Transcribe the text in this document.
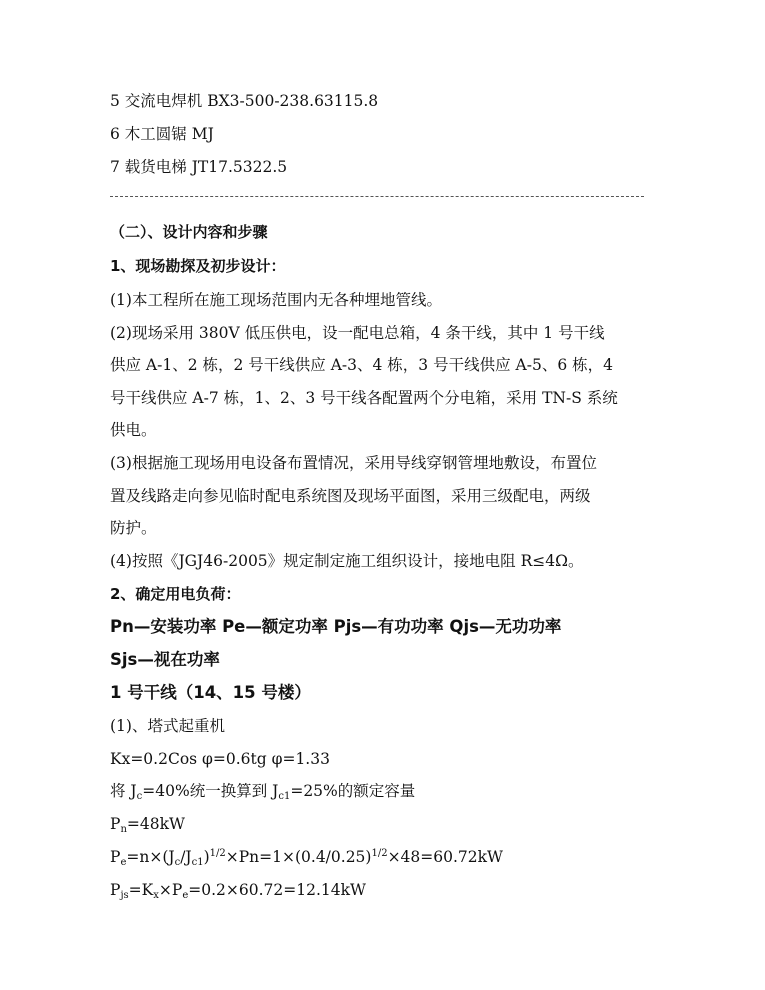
5 交流电焊机 BX3-500-238.63115.8
6 木工圆锯 MJ
7 载货电梯 JT17.5322.5
（二）、设计内容和步骤
1、现场勘探及初步设计：
(1)本工程所在施工现场范围内无各种埋地管线。
(2)现场采用 380V 低压供电，设一配电总箱，4 条干线，其中 1 号干线
供应 A-1、2 栋，2 号干线供应 A-3、4 栋，3 号干线供应 A-5、6 栋，4
号干线供应 A-7 栋，1、2、3 号干线各配置两个分电箱，采用 TN-S 系统
供电。
(3)根据施工现场用电设备布置情况，采用导线穿钢管埋地敷设，布置位
置及线路走向参见临时配电系统图及现场平面图，采用三级配电，两级
防护。
(4)按照《JGJ46-2005》规定制定施工组织设计，接地电阻 R≤4Ω。
2、确定用电负荷：
Pn—安装功率 Pe—额定功率 Pjs—有功功率 Qjs—无功功率
Sjs—视在功率
1 号干线（14、15 号楼）
(1)、塔式起重机
Kx=0.2Cos φ=0.6tg φ=1.33
将 $J_c=40\%$统一换算到 $J_{c1}=25\%$的额定容量
$P_n=48kW$
$P_e=n\times(J_c/J_{c1})^{1/2}\times Pn=1\times(0.4/0.25)^{1/2}\times 48=60.72kW$
$P_{js}=K_x\times P_e=0.2\times 60.72=12.14kW$
